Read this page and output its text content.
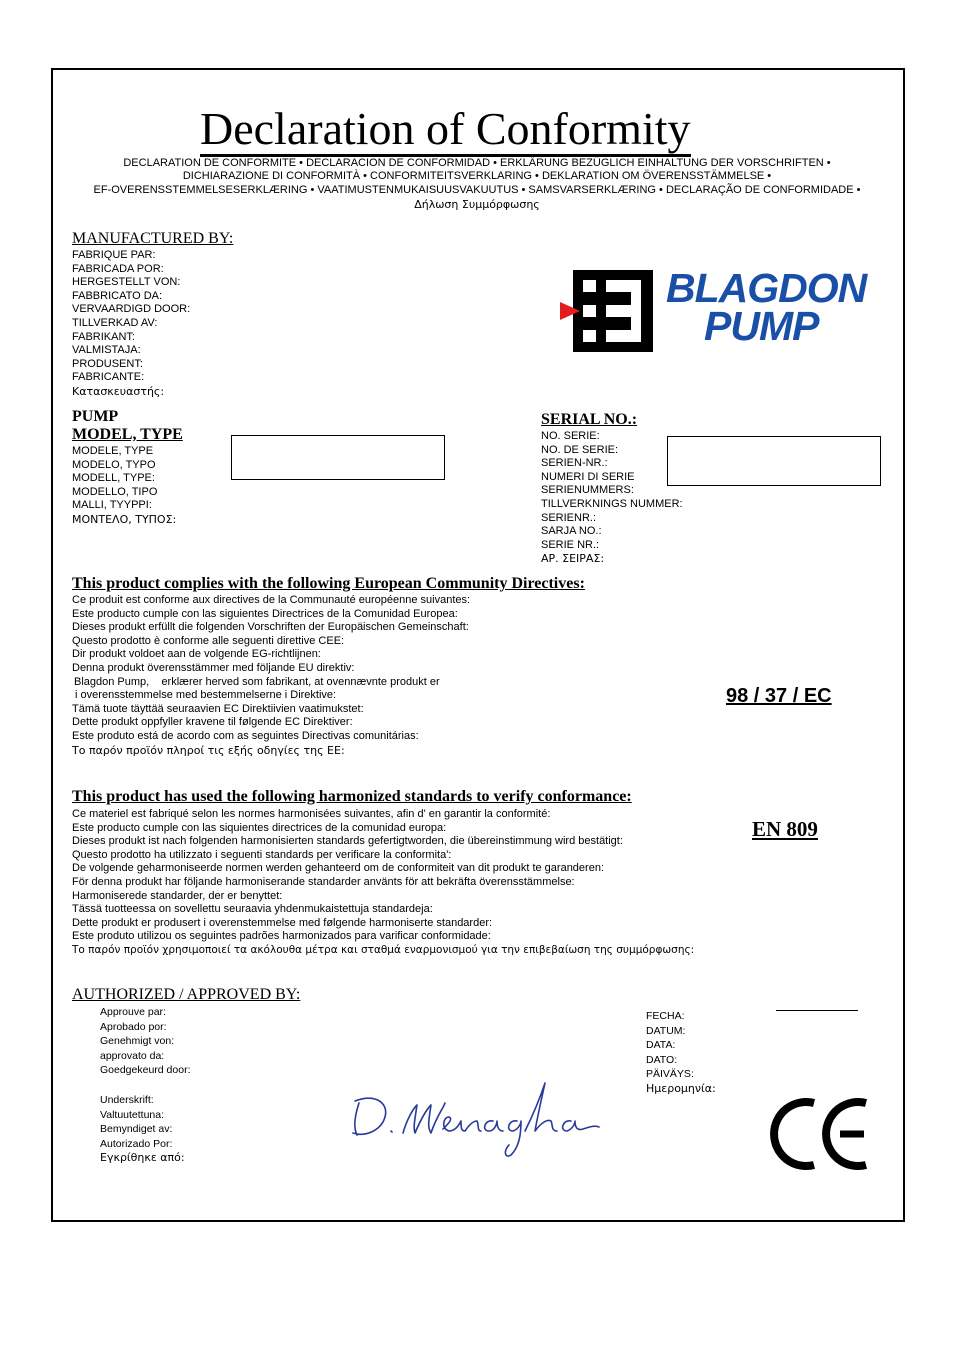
Declaration of Conformity
DECLARATION DE CONFORMITE • DECLARACION DE CONFORMIDAD • ERKLÄRUNG BEZÜGLICH EINHALTUNG DER VORSCHRIFTEN •
DICHIARAZIONE DI CONFORMITÀ • CONFORMITEITSVERKLARING • DEKLARATION OM ÖVERENSSTÄMMELSE •
EF-OVERENSSTEMMELSESERKLÆRING • VAATIMUSTENMUKAISUUSVAKUUTUS • SAMSVARSERKLÆRING • DECLARAÇÃO DE CONFORMIDADE •
Δήλωση Συμμόρφωσης
MANUFACTURED BY:
FABRIQUE PAR:
FABRICADA POR:
HERGESTELLT VON:
FABBRICATO DA:
VERVAARDIGD DOOR:
TILLVERKAD AV:
FABRIKANT:
VALMISTAJA:
PRODUSENT:
FABRICANTE:
Κατασκευαστής:
BLAGDON
PUMP
PUMP
MODEL, TYPE
MODELE, TYPE
MODELO, TYPO
MODELL, TYPE:
MODELLO, TIPO
MALLI, TYYPPI:
ΜΟΝΤΕΛΟ, ΤΥΠΟΣ:
SERIAL NO.:
NO. SERIE:
NO. DE SERIE:
SERIEN-NR.:
NUMERI DI SERIE
SERIENUMMERS:
TILLVERKNINGS NUMMER:
SERIENR.:
SARJA NO.:
SERIE NR.:
ΑΡ. ΣΕΙΡΑΣ:
This product complies with the following European Community Directives:
Ce produit est conforme aux directives de la Communauté européenne suivantes:
Este producto cumple con las siguientes Directrices de la Comunidad Europea:
Dieses produkt erfüllt die folgenden Vorschriften der Europäischen Gemeinschaft:
Questo prodotto è conforme alle seguenti direttive CEE:
Dir produkt voldoet aan de volgende EG-richtlijnen:
Denna produkt överensstämmer med följande EU direktiv:
Blagdon Pump,    erklærer herved som fabrikant, at ovennævnte produkt er
i overensstemmelse med bestemmelserne i Direktive:
Tämä tuote täyttää seuraavien EC Direktiivien vaatimukstet:
Dette produkt oppfyller kravene til følgende EC Direktiver:
Este produto está de acordo com as seguintes Directivas comunitárias:
Το παρόν προϊόν πληροί τις εξής οδηγίες της ΕΕ:
98 / 37 / EC
This product has used the following harmonized standards to verify conformance:
Ce materiel est fabriqué selon les normes harmonisées suivantes, afin d' en garantir la conformité:
Este producto cumple con las siquientes directrices de la comunidad europa:
Dieses produkt ist nach folgenden harmonisierten standards gefertigtworden, die übereinstimmung wird bestätigt:
Questo prodotto ha utilizzato i seguenti standards per verificare la conformita':
De volgende geharmoniseerde normen werden gehanteerd om de conformiteit van dit produkt te garanderen:
För denna produkt har följande harmoniserande standarder använts för att bekräfta överensstämmelse:
Harmoniserede standarder, der er benyttet:
Tässä tuotteessa on sovellettu seuraavia yhdenmukaistettuja standardeja:
Dette produkt er produsert i overenstemmelse med følgende harmoniserte standarder:
Este produto utilizou os seguintes padrões harmonizados para varificar conformidade:
Το παρόν προϊόν χρησιμοποιεί τα ακόλουθα μέτρα και σταθμά εναρμονισμού για την επιβεβαίωση της συμμόρφωσης:
EN 809
AUTHORIZED / APPROVED BY:
Approuve par:
Aprobado por:
Genehmigt von:
approvato da:
Goedgekeurd door:
Underskrift:
Valtuutettuna:
Bemyndiget av:
Autorizado Por:
Εγκρίθηκε από:
FECHA:
DATUM:
DATA:
DATO:
PÄIVÄYS:
Ημερομηνία:
